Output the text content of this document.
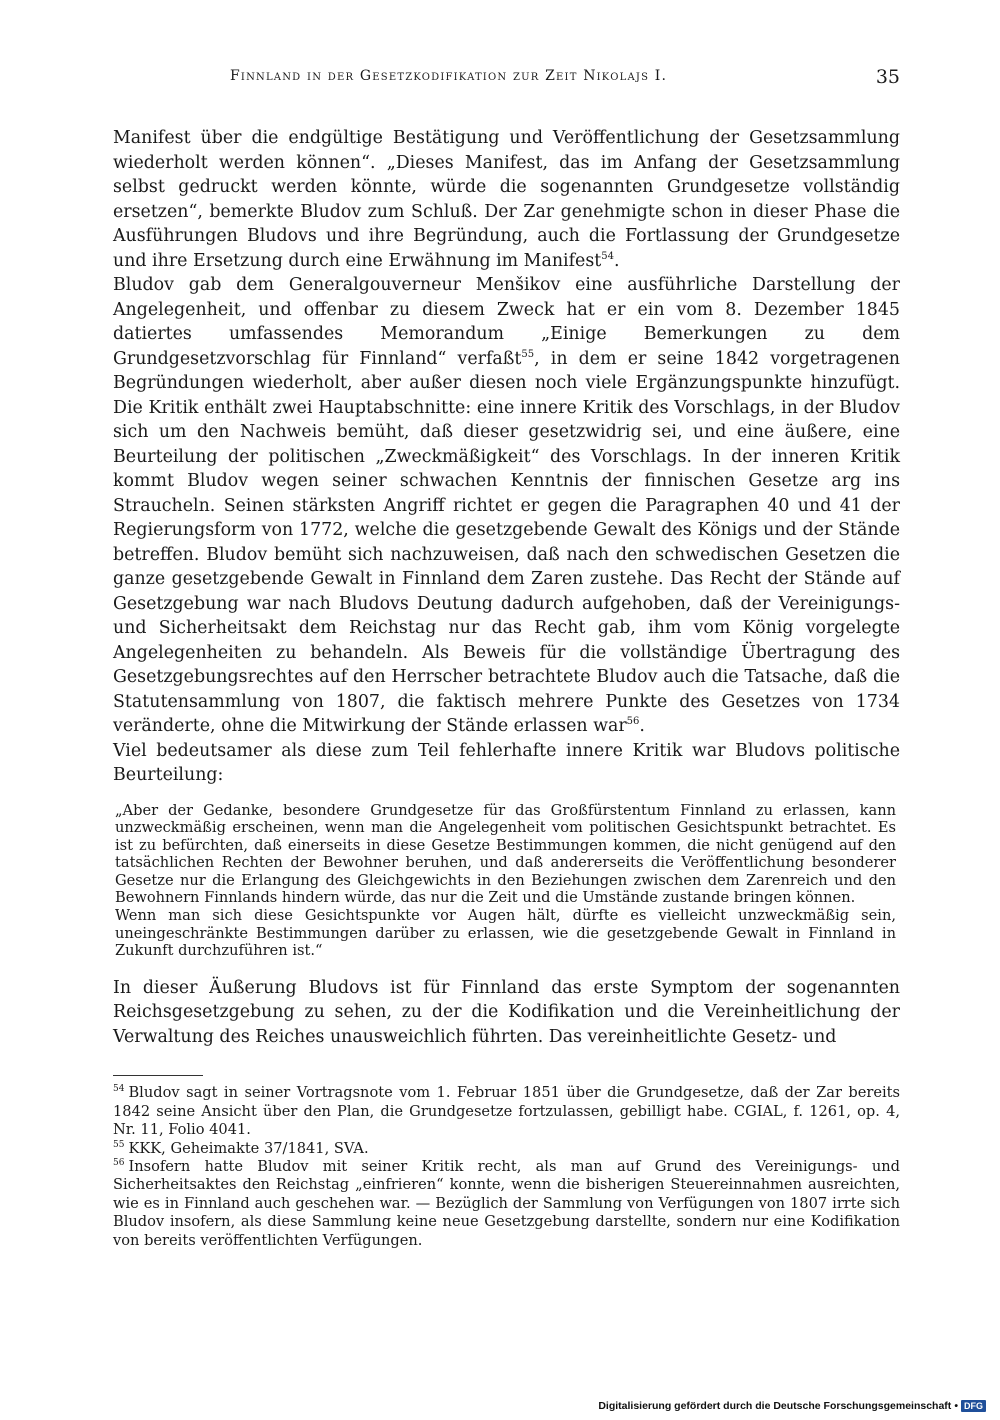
Finnland in der Gesetzkodifikation zur Zeit Nikolajs I.	35

Manifest über die endgültige Bestätigung und Veröffentlichung der Gesetzsammlung wiederholt werden können“. „Dieses Manifest, das im Anfang der Gesetzsammlung selbst gedruckt werden könnte, würde die sogenannten Grundgesetze vollständig ersetzen“, bemerkte Bludov zum Schluß. Der Zar genehmigte schon in dieser Phase die Ausführungen Bludovs und ihre Begründung, auch die Fortlassung der Grundgesetze und ihre Ersetzung durch eine Erwähnung im Manifest$^{54}$.

Bludov gab dem Generalgouverneur Menšikov eine ausführliche Darstellung der Angelegenheit, und offenbar zu diesem Zweck hat er ein vom 8. Dezember 1845 datiertes umfassendes Memorandum „Einige Bemerkungen zu dem Grundgesetzvorschlag für Finnland“ verfaßt$^{55}$, in dem er seine 1842 vorgetragenen Begründungen wiederholt, aber außer diesen noch viele Ergänzungspunkte hinzufügt. Die Kritik enthält zwei Hauptabschnitte: eine innere Kritik des Vorschlags, in der Bludov sich um den Nachweis bemüht, daß dieser gesetzwidrig sei, und eine äußere, eine Beurteilung der politischen „Zweckmäßigkeit“ des Vorschlags. In der inneren Kritik kommt Bludov wegen seiner schwachen Kenntnis der finnischen Gesetze arg ins Straucheln. Seinen stärksten Angriff richtet er gegen die Paragraphen 40 und 41 der Regierungsform von 1772, welche die gesetzgebende Gewalt des Königs und der Stände betreffen. Bludov bemüht sich nachzuweisen, daß nach den schwedischen Gesetzen die ganze gesetzgebende Gewalt in Finnland dem Zaren zustehe. Das Recht der Stände auf Gesetzgebung war nach Bludovs Deutung dadurch aufgehoben, daß der Vereinigungs- und Sicherheitsakt dem Reichstag nur das Recht gab, ihm vom König vorgelegte Angelegenheiten zu behandeln. Als Beweis für die vollständige Übertragung des Gesetzgebungsrechtes auf den Herrscher betrachtete Bludov auch die Tatsache, daß die Statutensammlung von 1807, die faktisch mehrere Punkte des Gesetzes von 1734 veränderte, ohne die Mitwirkung der Stände erlassen war$^{56}$.

Viel bedeutsamer als diese zum Teil fehlerhafte innere Kritik war Bludovs politische Beurteilung:

„Aber der Gedanke, besondere Grundgesetze für das Großfürstentum Finnland zu erlassen, kann unzweckmäßig erscheinen, wenn man die Angelegenheit vom politischen Gesichtspunkt betrachtet. Es ist zu befürchten, daß einerseits in diese Gesetze Bestimmungen kommen, die nicht genügend auf den tatsächlichen Rechten der Bewohner beruhen, und daß andererseits die Veröffentlichung besonderer Gesetze nur die Erlangung des Gleichgewichts in den Beziehungen zwischen dem Zarenreich und den Bewohnern Finnlands hindern würde, das nur die Zeit und die Umstände zustande bringen können.

Wenn man sich diese Gesichtspunkte vor Augen hält, dürfte es vielleicht unzweckmäßig sein, uneingeschränkte Bestimmungen darüber zu erlassen, wie die gesetzgebende Gewalt in Finnland in Zukunft durchzuführen ist.“

In dieser Äußerung Bludovs ist für Finnland das erste Symptom der sogenannten Reichsgesetzgebung zu sehen, zu der die Kodifikation und die Vereinheitlichung der Verwaltung des Reiches unausweichlich führten. Das vereinheitlichte Gesetz- und

$^{54}$ Bludov sagt in seiner Vortragsnote vom 1. Februar 1851 über die Grundgesetze, daß der Zar bereits 1842 seine Ansicht über den Plan, die Grundgesetze fortzulassen, gebilligt habe. CGIAL, f. 1261, op. 4, Nr. 11, Folio 4041.

$^{55}$ KKK, Geheimakte 37/1841, SVA.

$^{56}$ Insofern hatte Bludov mit seiner Kritik recht, als man auf Grund des Vereinigungs- und Sicherheitsaktes den Reichstag „einfrieren“ konnte, wenn die bisherigen Steuereinnahmen ausreichten, wie es in Finnland auch geschehen war. — Bezüglich der Sammlung von Verfügungen von 1807 irrte sich Bludov insofern, als diese Sammlung keine neue Gesetzgebung darstellte, sondern nur eine Kodifikation von bereits veröffentlichten Verfügungen.

Digitalisierung gefördert durch die Deutsche Forschungsgemeinschaft • DFG
